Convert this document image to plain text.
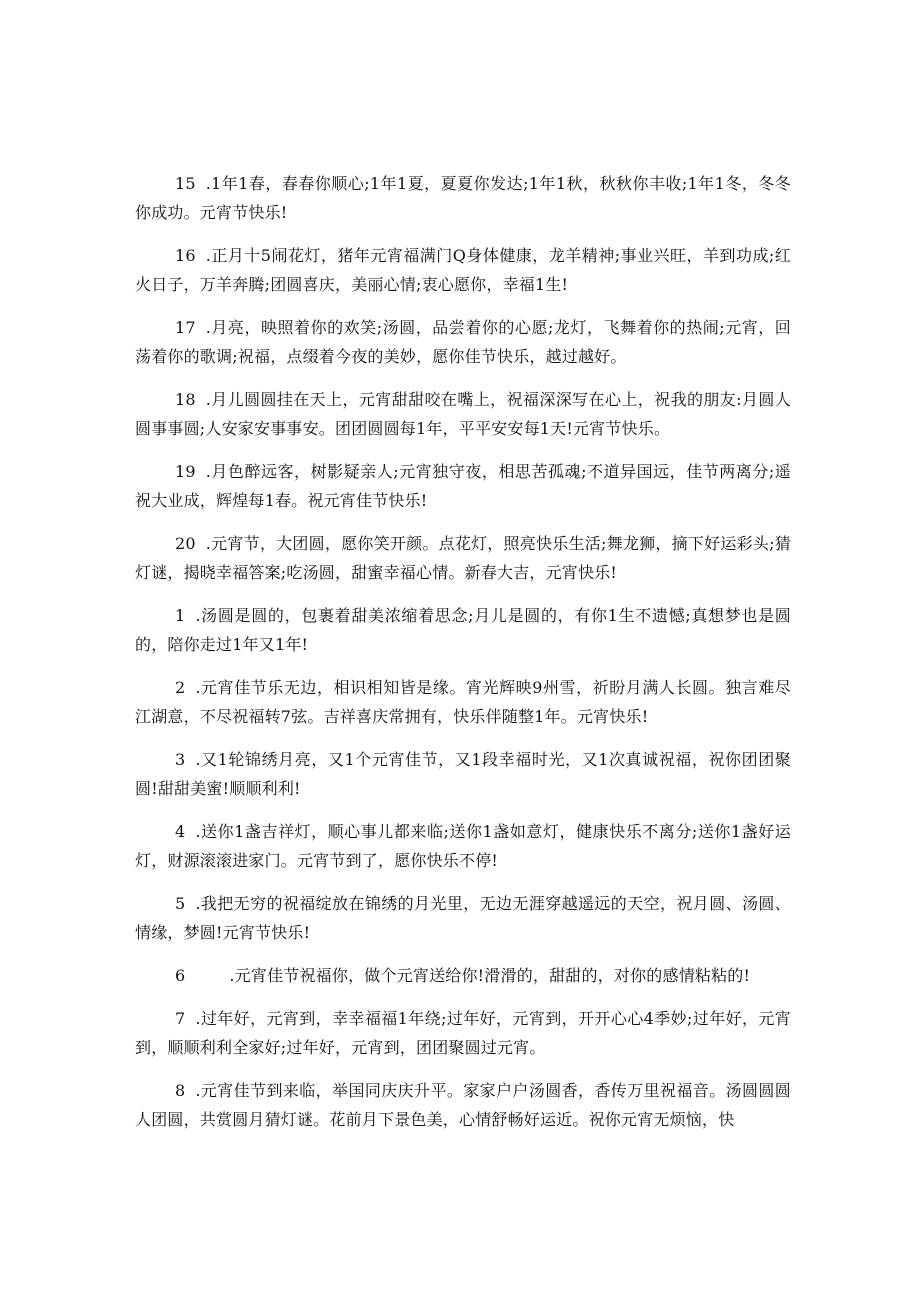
15 .1年1春，春春你顺心;1年1夏，夏夏你发达;1年1秋，秋秋你丰收;1年1冬，冬冬你成功。元宵节快乐!

16 .正月十5闹花灯，猪年元宵福满门Q身体健康，龙羊精神;事业兴旺，羊到功成;红火日子，万羊奔腾;团圆喜庆，美丽心情;衷心愿你，幸福1生!

17 .月亮，映照着你的欢笑;汤圆，品尝着你的心愿;龙灯，飞舞着你的热闹;元宵，回荡着你的歌调;祝福，点缀着今夜的美妙，愿你佳节快乐，越过越好。

18 .月儿圆圆挂在天上，元宵甜甜咬在嘴上，祝福深深写在心上，祝我的朋友:月圆人圆事事圆;人安家安事事安。团团圆圆每1年，平平安安每1天!元宵节快乐。

19 .月色醉远客，树影疑亲人;元宵独守夜，相思苦孤魂;不道异国远，佳节两离分;遥祝大业成，辉煌每1春。祝元宵佳节快乐!

20 .元宵节，大团圆，愿你笑开颜。点花灯，照亮快乐生活;舞龙狮，摘下好运彩头;猜灯谜，揭晓幸福答案;吃汤圆，甜蜜幸福心情。新春大吉，元宵快乐!

1 .汤圆是圆的，包裹着甜美浓缩着思念;月儿是圆的，有你1生不遗憾;真想梦也是圆的，陪你走过1年又1年!

2 .元宵佳节乐无边，相识相知皆是缘。宵光辉映9州雪，祈盼月满人长圆。独言难尽江湖意，不尽祝福转7弦。吉祥喜庆常拥有，快乐伴随整1年。元宵快乐!

3 .又1轮锦绣月亮，又1个元宵佳节，又1段幸福时光，又1次真诚祝福，祝你团团聚圆!甜甜美蜜!顺顺利利!

4 .送你1盏吉祥灯，顺心事儿都来临;送你1盏如意灯，健康快乐不离分;送你1盏好运灯，财源滚滚进家门。元宵节到了，愿你快乐不停!

5 .我把无穷的祝福绽放在锦绣的月光里，无边无涯穿越遥远的天空，祝月圆、汤圆、情缘，梦圆!元宵节快乐!

6	.元宵佳节祝福你，做个元宵送给你!滑滑的，甜甜的，对你的感情粘粘的!

7 .过年好，元宵到，幸幸福福1年绕;过年好，元宵到，开开心心4季妙;过年好，元宵到，顺顺利利全家好;过年好，元宵到，团团聚圆过元宵。

8 .元宵佳节到来临，举国同庆庆升平。家家户户汤圆香，香传万里祝福音。汤圆圆圆人团圆，共赏圆月猜灯谜。花前月下景色美，心情舒畅好运近。祝你元宵无烦恼，快
